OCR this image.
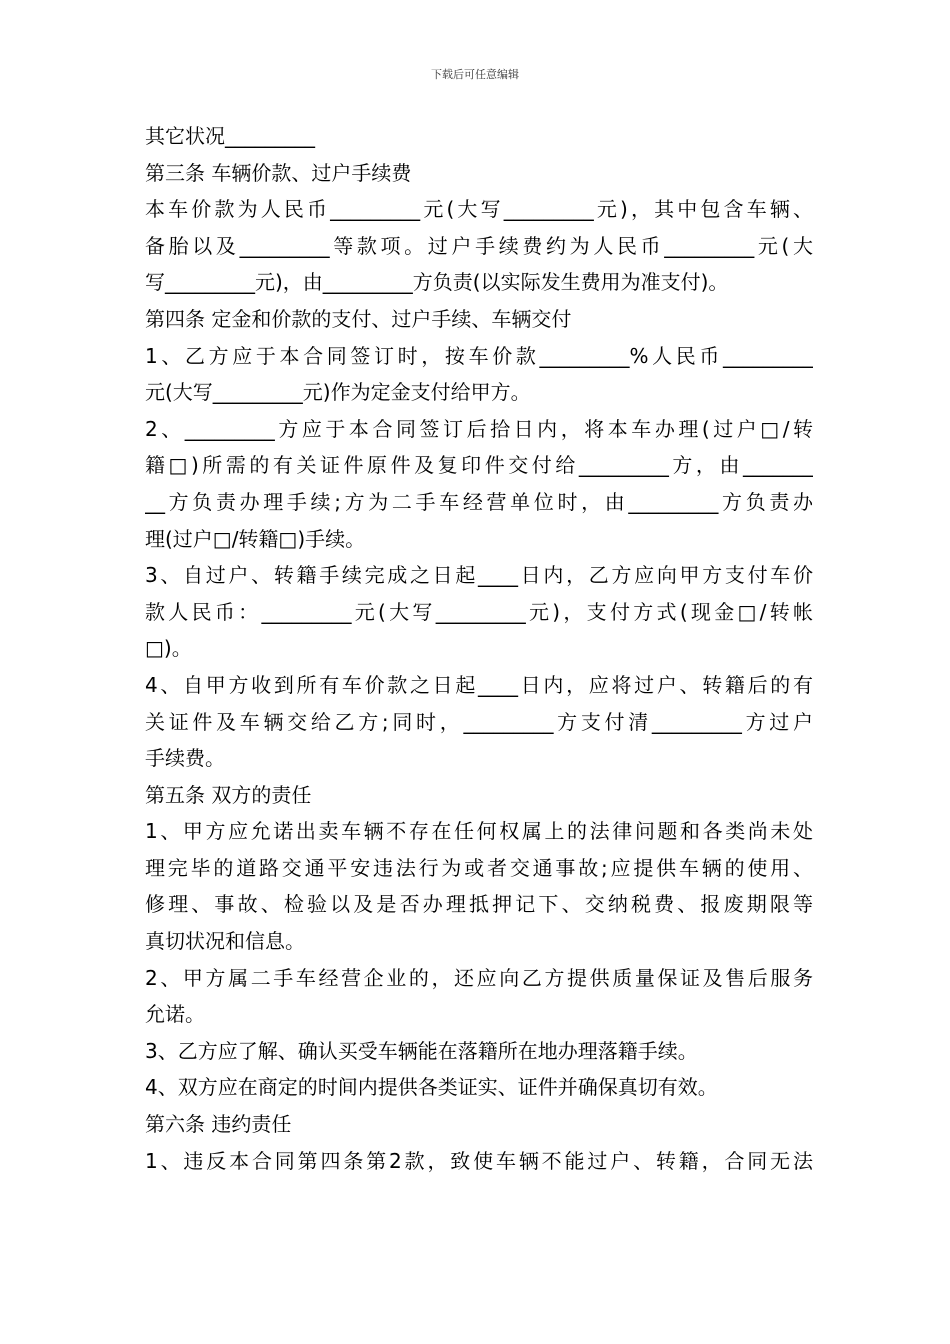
下载后可任意编辑
其它状况_________
第三条 车辆价款、过户手续费
本车价款为人民币_________元(大写_________元)，其中包含车辆、
备胎以及_________等款项。过户手续费约为人民币_________元(大
写_________元)，由_________方负责(以实际发生费用为准支付)。
第四条 定金和价款的支付、过户手续、车辆交付
1、乙方应于本合同签订时，按车价款_________%人民币_________
元(大写_________元)作为定金支付给甲方。
2、_________方应于本合同签订后拾日内，将本车办理(过户□/转
籍□)所需的有关证件原件及复印件交付给_________方，由_______
__方负责办理手续;方为二手车经营单位时，由_________方负责办
理(过户□/转籍□)手续。
3、自过户、转籍手续完成之日起____日内，乙方应向甲方支付车价
款人民币：_________元(大写_________元)，支付方式(现金□/转帐
□)。
4、自甲方收到所有车价款之日起____日内，应将过户、转籍后的有
关证件及车辆交给乙方;同时，_________方支付清_________方过户
手续费。
第五条 双方的责任
1、甲方应允诺出卖车辆不存在任何权属上的法律问题和各类尚未处
理完毕的道路交通平安违法行为或者交通事故;应提供车辆的使用、
修理、事故、检验以及是否办理抵押记下、交纳税费、报废期限等
真切状况和信息。
2、甲方属二手车经营企业的，还应向乙方提供质量保证及售后服务
允诺。
3、乙方应了解、确认买受车辆能在落籍所在地办理落籍手续。
4、双方应在商定的时间内提供各类证实、证件并确保真切有效。
第六条 违约责任
1、违反本合同第四条第2款，致使车辆不能过户、转籍，合同无法
